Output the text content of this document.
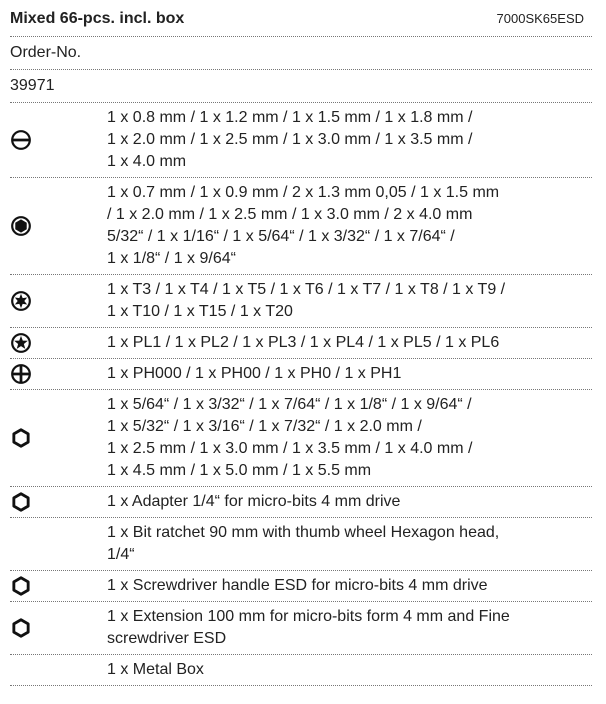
Mixed 66-pcs. incl. box	7000SK65ESD
Order-No.
39971
1 x 0.8 mm / 1 x 1.2 mm / 1 x 1.5 mm / 1 x 1.8 mm /
1 x 2.0 mm / 1 x 2.5 mm / 1 x 3.0 mm / 1 x 3.5 mm /
1 x 4.0 mm
1 x 0.7 mm / 1 x 0.9 mm / 2 x 1.3 mm 0,05 / 1 x 1.5 mm
/ 1 x 2.0 mm / 1 x 2.5 mm / 1 x 3.0 mm / 2 x 4.0 mm
5/32“ / 1 x 1/16“ / 1 x 5/64“ / 1 x 3/32“ / 1 x 7/64“ /
1 x 1/8“ / 1 x 9/64“
1 x T3 / 1 x T4 / 1 x T5 / 1 x T6 / 1 x T7 / 1 x T8 / 1 x T9 /
1 x T10 / 1 x T15 / 1 x T20
1 x PL1 / 1 x PL2 / 1 x PL3 / 1 x PL4 / 1 x PL5 / 1 x PL6
1 x PH000 / 1 x PH00 / 1 x PH0 / 1 x PH1
1 x 5/64“ / 1 x 3/32“ / 1 x 7/64“ / 1 x 1/8“ / 1 x 9/64“ /
1 x 5/32“ / 1 x 3/16“ / 1 x 7/32“ / 1 x 2.0 mm /
1 x 2.5 mm / 1 x 3.0 mm / 1 x 3.5 mm / 1 x 4.0 mm /
1 x 4.5 mm / 1 x 5.0 mm / 1 x 5.5 mm
1 x Adapter 1/4“ for micro-bits 4 mm drive
1 x Bit ratchet 90 mm with thumb wheel Hexagon head,
1/4“
1 x Screwdriver handle ESD for micro-bits 4 mm drive
1 x Extension 100 mm for micro-bits form 4 mm and Fine
screwdriver ESD
1 x Metal Box
